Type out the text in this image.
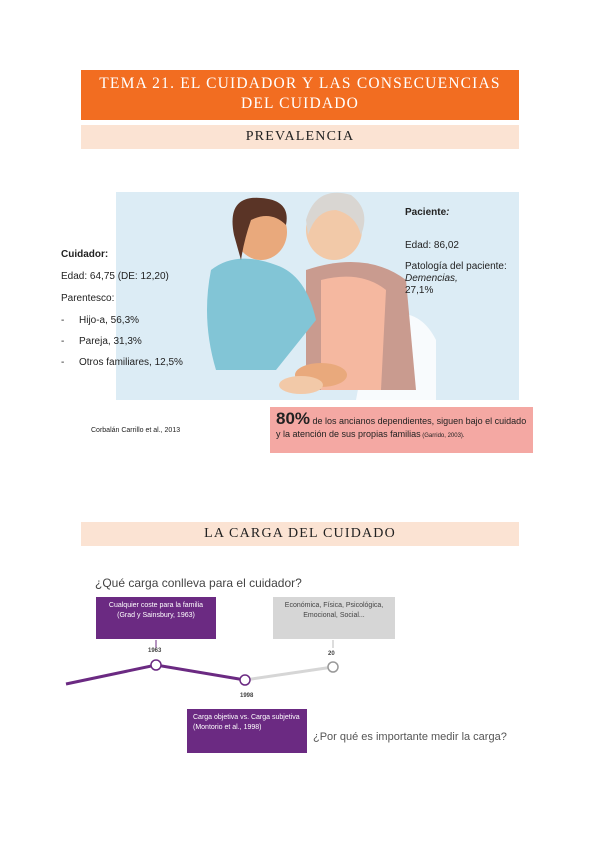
TEMA 21. EL CUIDADOR Y LAS CONSECUENCIAS DEL CUIDADO
PREVALENCIA
Cuidador:
Edad: 64,75 (DE: 12,20)
Parentesco:
- Hijo-a, 56,3%
- Pareja, 31,3%
- Otros familiares, 12,5%
Paciente:
Edad: 86,02
Patología del paciente: Demencias,
27,1%
Corbalán Carrillo et al., 2013
80% de los ancianos dependientes, siguen bajo el cuidado y la atención de sus propias familias (Garrido, 2003).
LA CARGA DEL CUIDADO
¿Qué carga conlleva para el cuidador?
1963
1998
20
Cualquier coste para la familia (Grad y Sainsbury, 1963)
Económica, Física, Psicológica, Emocional, Social...
Carga objetiva vs. Carga subjetiva (Montorio et al., 1998)
¿Por qué es importante medir la carga?
